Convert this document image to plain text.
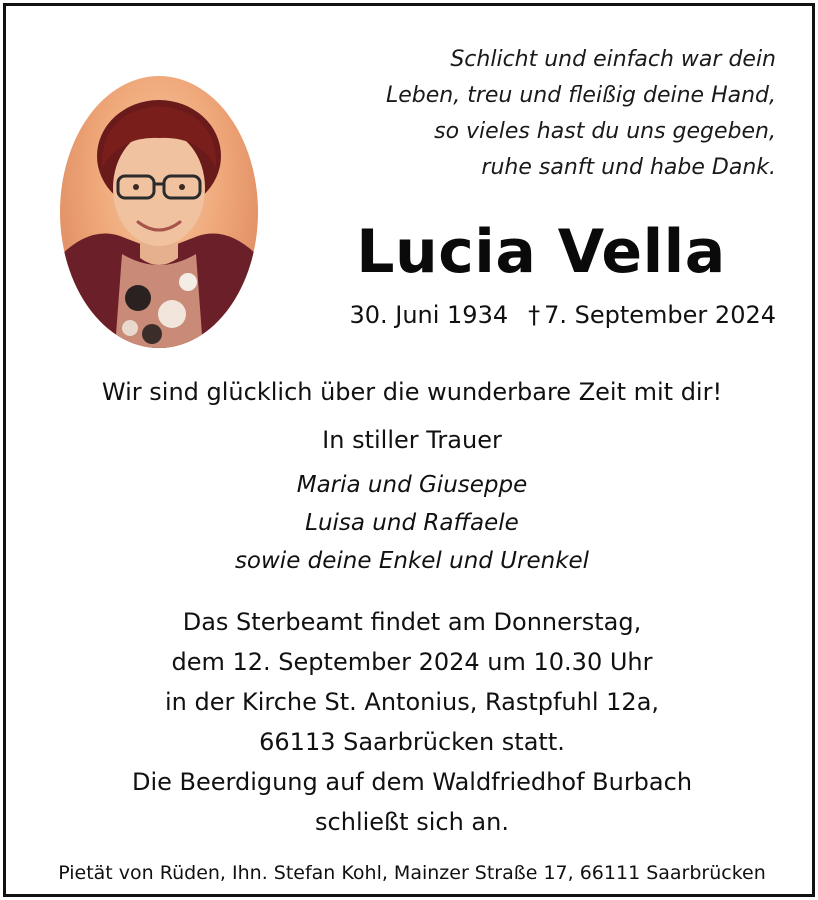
Schlicht und einfach war dein
Leben, treu und fleißig deine Hand,
so vieles hast du uns gegeben,
ruhe sanft und habe Dank.
Lucia Vella
30. Juni 1934 † 7. September 2024
Wir sind glücklich über die wunderbare Zeit mit dir!
In stiller Trauer
Maria und Giuseppe
Luisa und Raffaele
sowie deine Enkel und Urenkel
Das Sterbeamt findet am Donnerstag,
dem 12. September 2024 um 10.30 Uhr
in der Kirche St. Antonius, Rastpfuhl 12a,
66113 Saarbrücken statt.
Die Beerdigung auf dem Waldfriedhof Burbach
schließt sich an.
Pietät von Rüden, Ihn. Stefan Kohl, Mainzer Straße 17, 66111 Saarbrücken
